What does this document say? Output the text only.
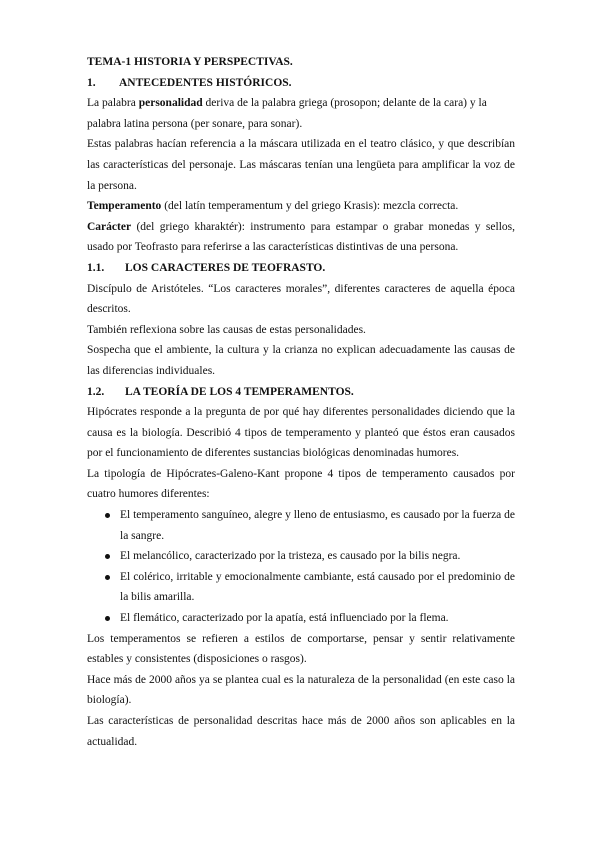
TEMA-1 HISTORIA Y PERSPECTIVAS.

1.	ANTECEDENTES HISTÓRICOS.

La palabra personalidad deriva de la palabra griega (prosopon; delante de la cara) y la palabra latina persona (per sonare, para sonar).

Estas palabras hacían referencia a la máscara utilizada en el teatro clásico, y que describían las características del personaje. Las máscaras tenían una lengüeta para amplificar la voz de la persona.

Temperamento (del latín temperamentum y del griego Krasis): mezcla correcta.

Carácter (del griego kharaktér): instrumento para estampar o grabar monedas y sellos, usado por Teofrasto para referirse a las características distintivas de una persona.

1.1.	LOS CARACTERES DE TEOFRASTO.

Discípulo de Aristóteles. “Los caracteres morales”, diferentes caracteres de aquella época descritos.

También reflexiona sobre las causas de estas personalidades.

Sospecha que el ambiente, la cultura y la crianza no explican adecuadamente las causas de las diferencias individuales.

1.2.	LA TEORÍA DE LOS 4 TEMPERAMENTOS.

Hipócrates responde a la pregunta de por qué hay diferentes personalidades diciendo que la causa es la biología. Describió 4 tipos de temperamento y planteó que éstos eran causados por el funcionamiento de diferentes sustancias biológicas denominadas humores.

La tipología de Hipócrates-Galeno-Kant propone 4 tipos de temperamento causados por cuatro humores diferentes:

El temperamento sanguíneo, alegre y lleno de entusiasmo, es causado por la fuerza de la sangre.
El melancólico, caracterizado por la tristeza, es causado por la bilis negra.
El colérico, irritable y emocionalmente cambiante, está causado por el predominio de la bilis amarilla.
El flemático, caracterizado por la apatía, está influenciado por la flema.

Los temperamentos se refieren a estilos de comportarse, pensar y sentir relativamente estables y consistentes (disposiciones o rasgos).

Hace más de 2000 años ya se plantea cual es la naturaleza de la personalidad (en este caso la biología).

Las características de personalidad descritas hace más de 2000 años son aplicables en la actualidad.
